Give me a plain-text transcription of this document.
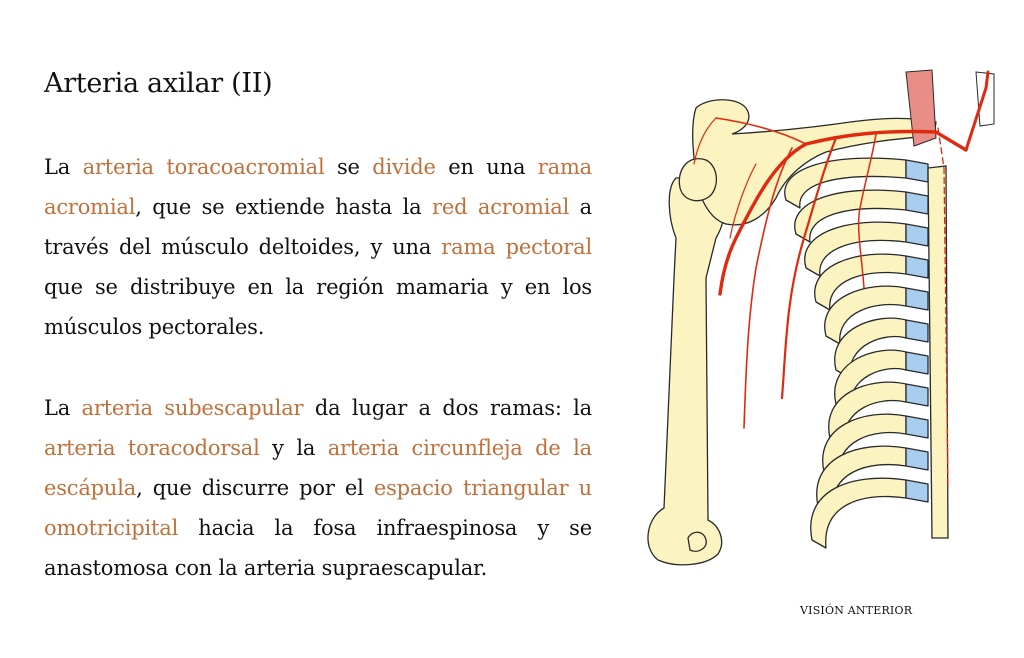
Arteria axilar (II)

La arteria toracoacromial se divide en una rama acromial, que se extiende hasta la red acromial a través del músculo deltoides, y una rama pectoral que se distribuye en la región mamaria y en los músculos pectorales.

La arteria subescapular da lugar a dos ramas: la arteria toracodorsal y la arteria circunfleja de la escápula, que discurre por el espacio triangular u omotricipital hacia la fosa infraespinosa y se anastomosa con la arteria supraescapular.

VISIÓN ANTERIOR
